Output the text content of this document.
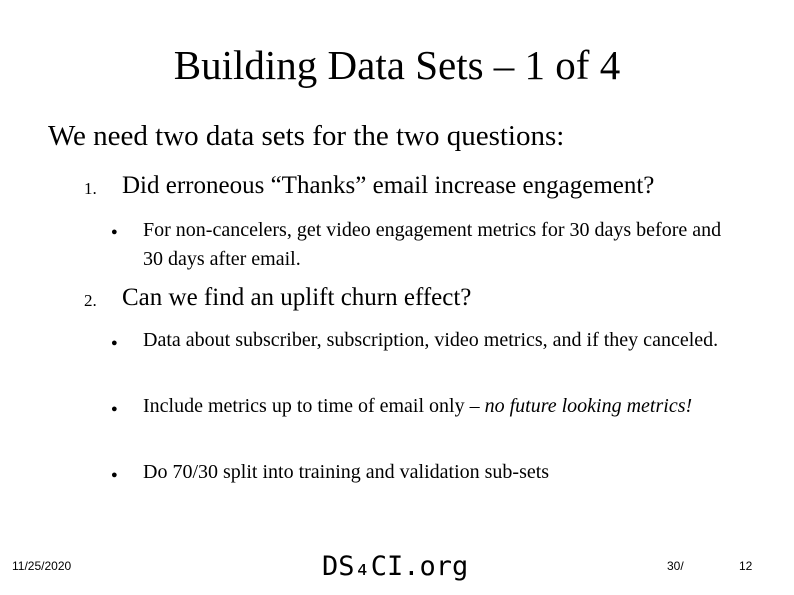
Building Data Sets – 1 of 4
We need two data sets for the two questions:
1. Did erroneous “Thanks” email increase engagement?
● For non-cancelers, get video engagement metrics for 30 days before and 30 days after email.
2. Can we find an uplift churn effect?
● Data about subscriber, subscription, video metrics, and if they canceled.
● Include metrics up to time of email only – no future looking metrics!
● Do 70/30 split into training and validation sub-sets
11/25/2020	DS₄CI.org	30/	12
